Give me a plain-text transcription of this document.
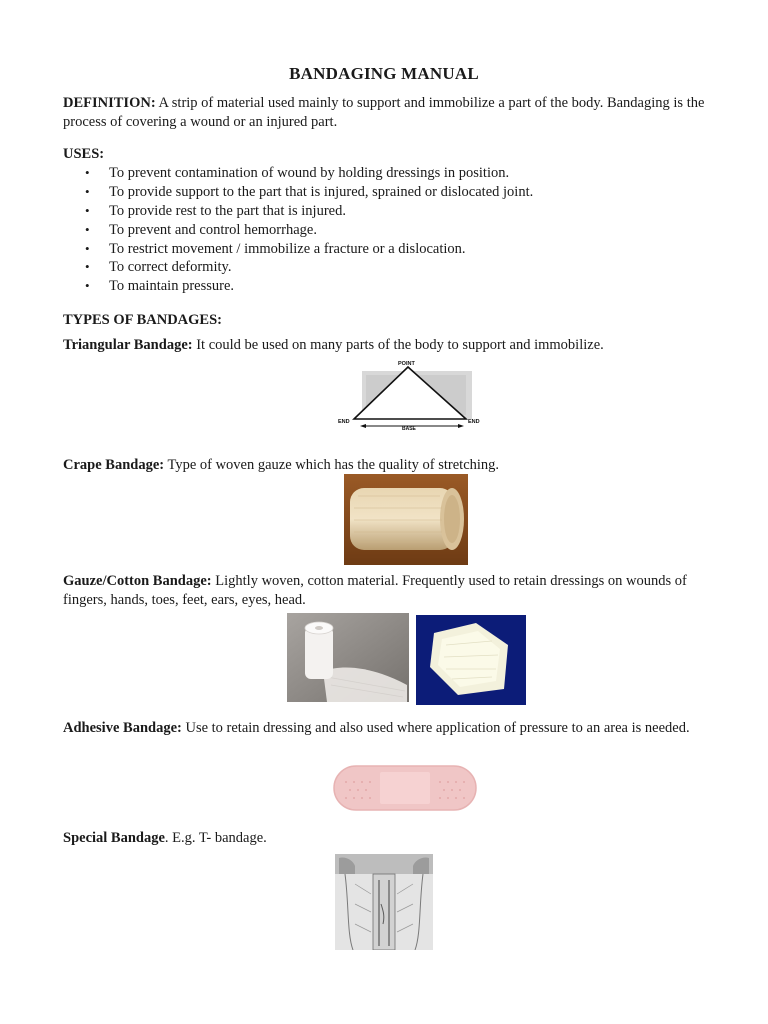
BANDAGING MANUAL

DEFINITION: A strip of material used mainly to support and immobilize a part of the body. Bandaging is the process of covering a wound or an injured part.

USES:

• To prevent contamination of wound by holding dressings in position.
• To provide support to the part that is injured, sprained or dislocated joint.
• To provide rest to the part that is injured.
• To prevent and control hemorrhage.
• To restrict movement / immobilize a fracture or a dislocation.
• To correct deformity.
• To maintain pressure.

TYPES OF BANDAGES:

Triangular Bandage: It could be used on many parts of the body to support and immobilize.

POINT
END	END
BASE

Crape Bandage: Type of woven gauze which has the quality of stretching.

Gauze/Cotton Bandage: Lightly woven, cotton material. Frequently used to retain dressings on wounds of fingers, hands, toes, feet, ears, eyes, head.

Adhesive Bandage: Use to retain dressing and also used where application of pressure to an area is needed.

Special Bandage. E.g. T- bandage.
